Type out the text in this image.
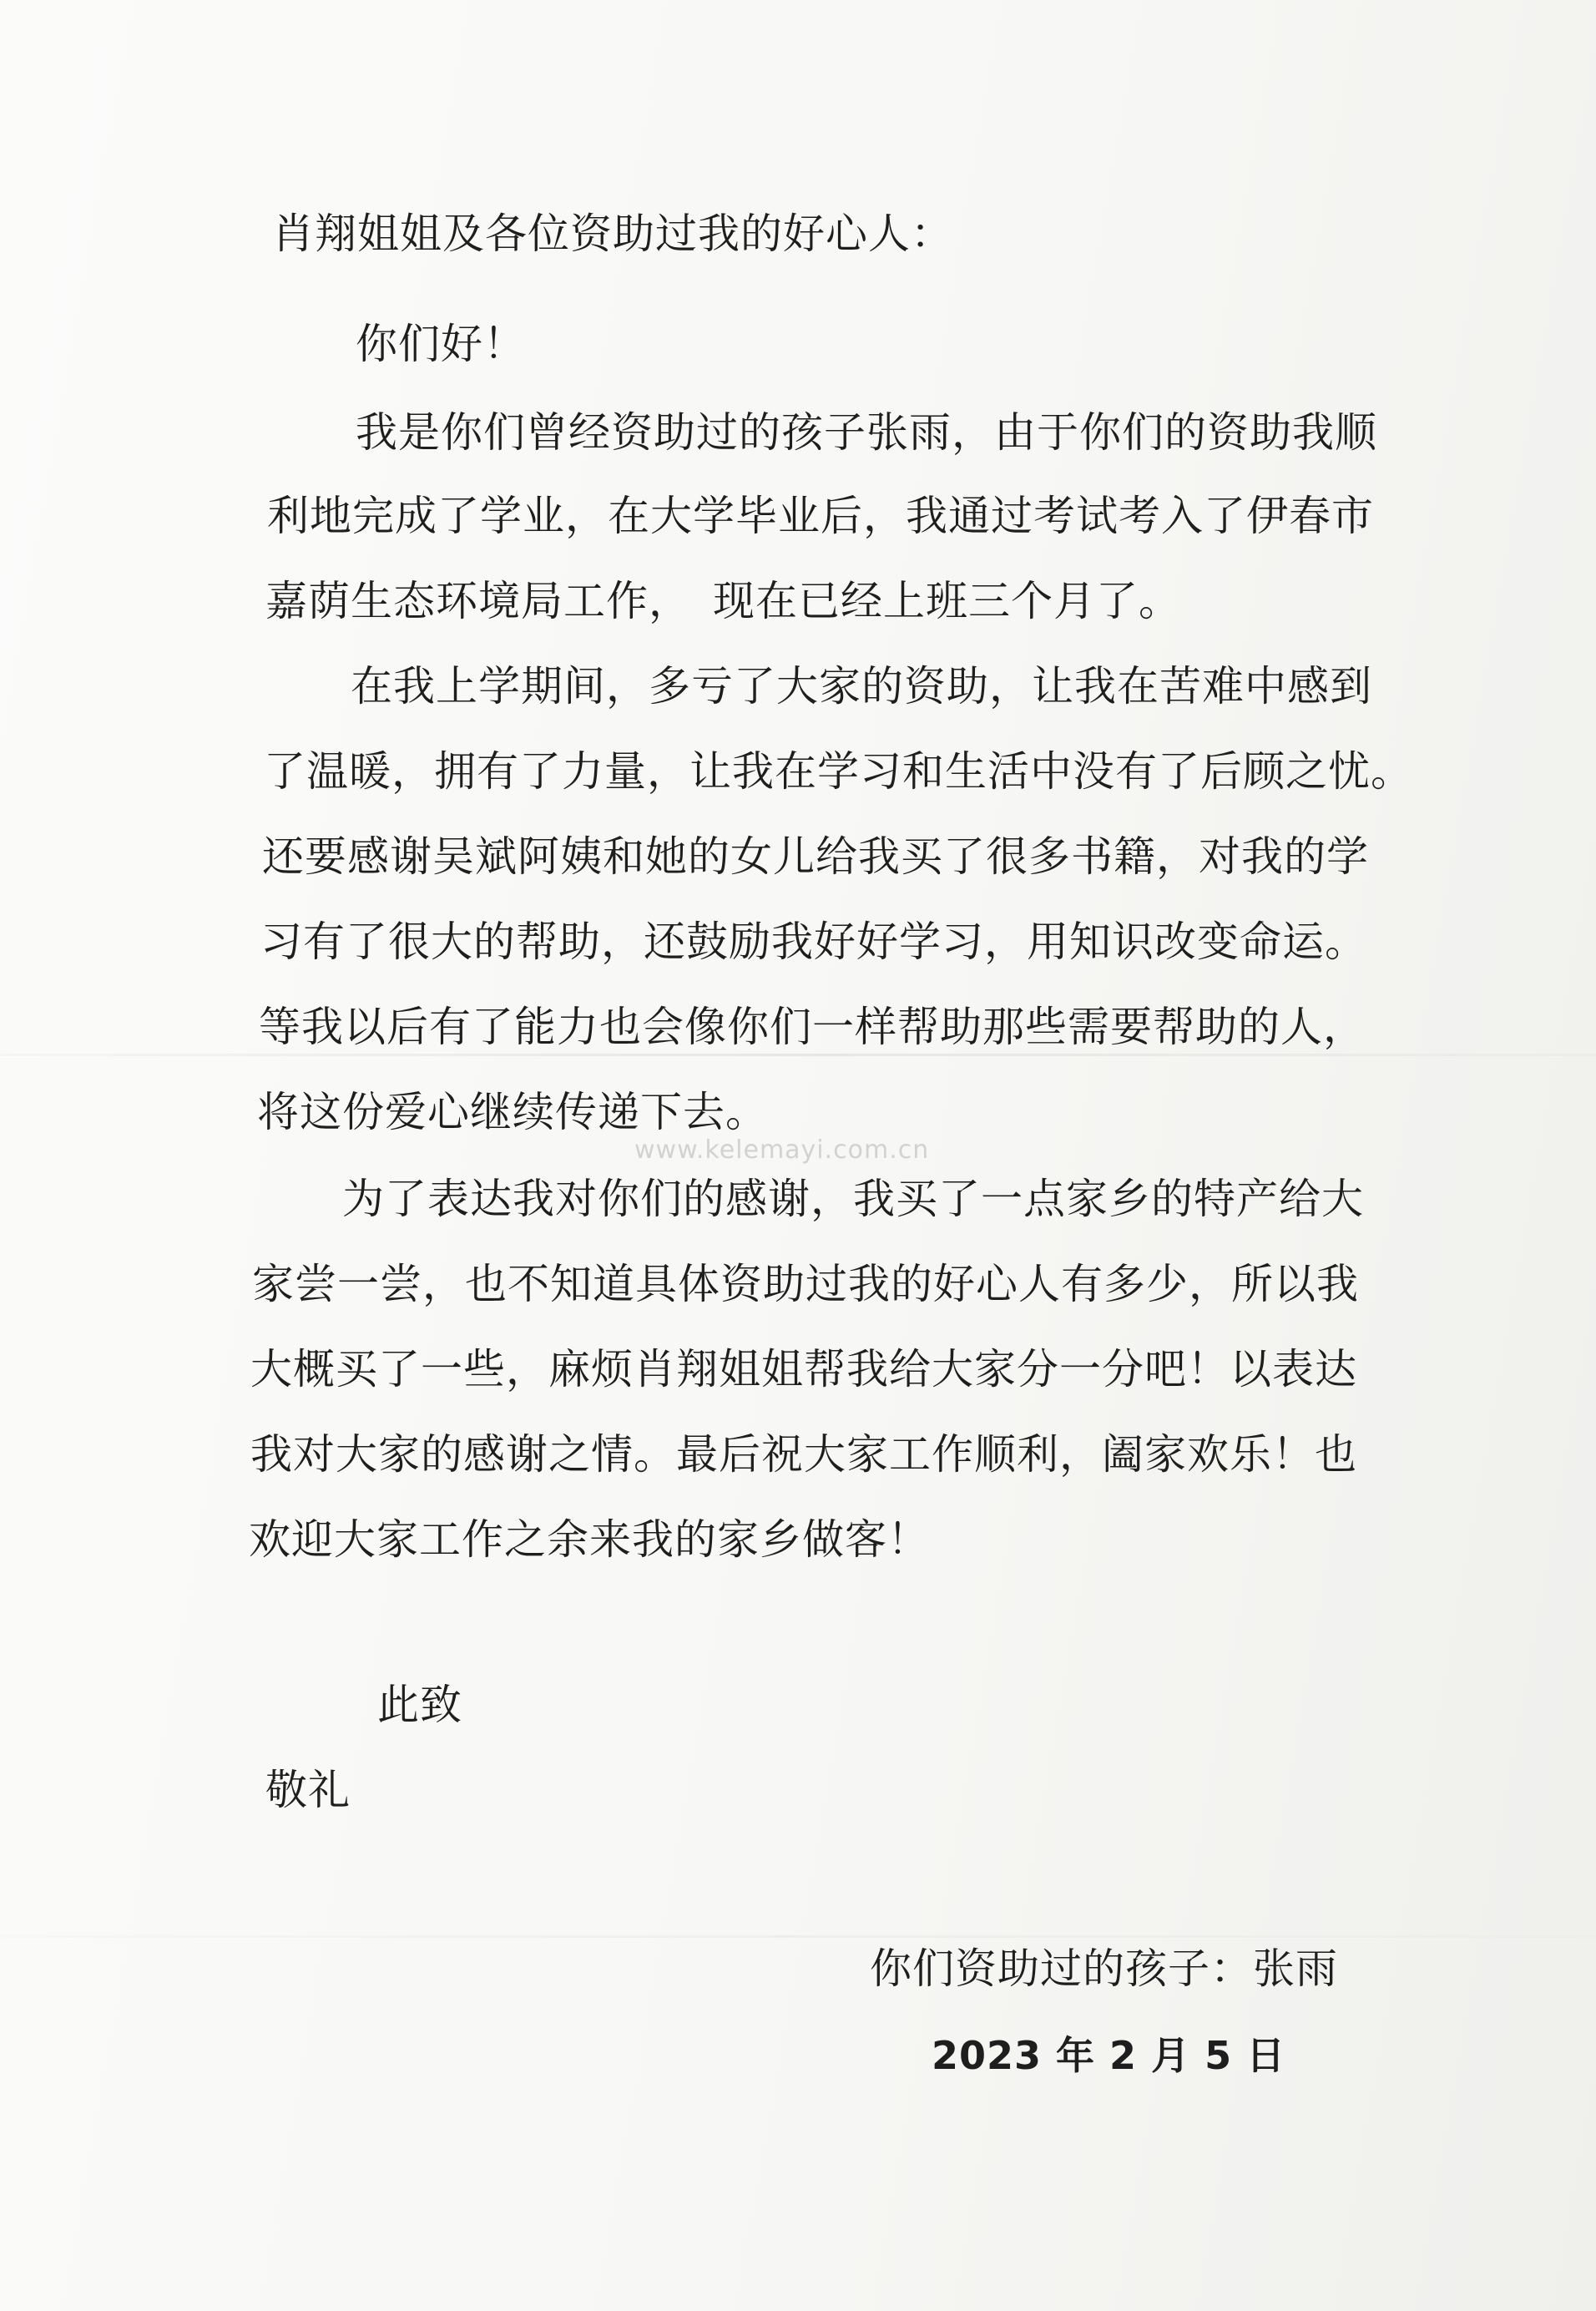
肖翔姐姐及各位资助过我的好心人：

你们好！

我是你们曾经资助过的孩子张雨，由于你们的资助我顺

利地完成了学业，在大学毕业后，我通过考试考入了伊春市

嘉荫生态环境局工作，　现在已经上班三个月了。

在我上学期间，多亏了大家的资助，让我在苦难中感到

了温暖，拥有了力量，让我在学习和生活中没有了后顾之忧。

还要感谢吴斌阿姨和她的女儿给我买了很多书籍，对我的学

习有了很大的帮助，还鼓励我好好学习，用知识改变命运。

等我以后有了能力也会像你们一样帮助那些需要帮助的人，

将这份爱心继续传递下去。

www.kelemayi.com.cn

为了表达我对你们的感谢，我买了一点家乡的特产给大

家尝一尝，也不知道具体资助过我的好心人有多少，所以我

大概买了一些，麻烦肖翔姐姐帮我给大家分一分吧！以表达

我对大家的感谢之情。最后祝大家工作顺利，阖家欢乐！也

欢迎大家工作之余来我的家乡做客！

此致

敬礼

你们资助过的孩子：张雨

2023 年 2 月 5 日
